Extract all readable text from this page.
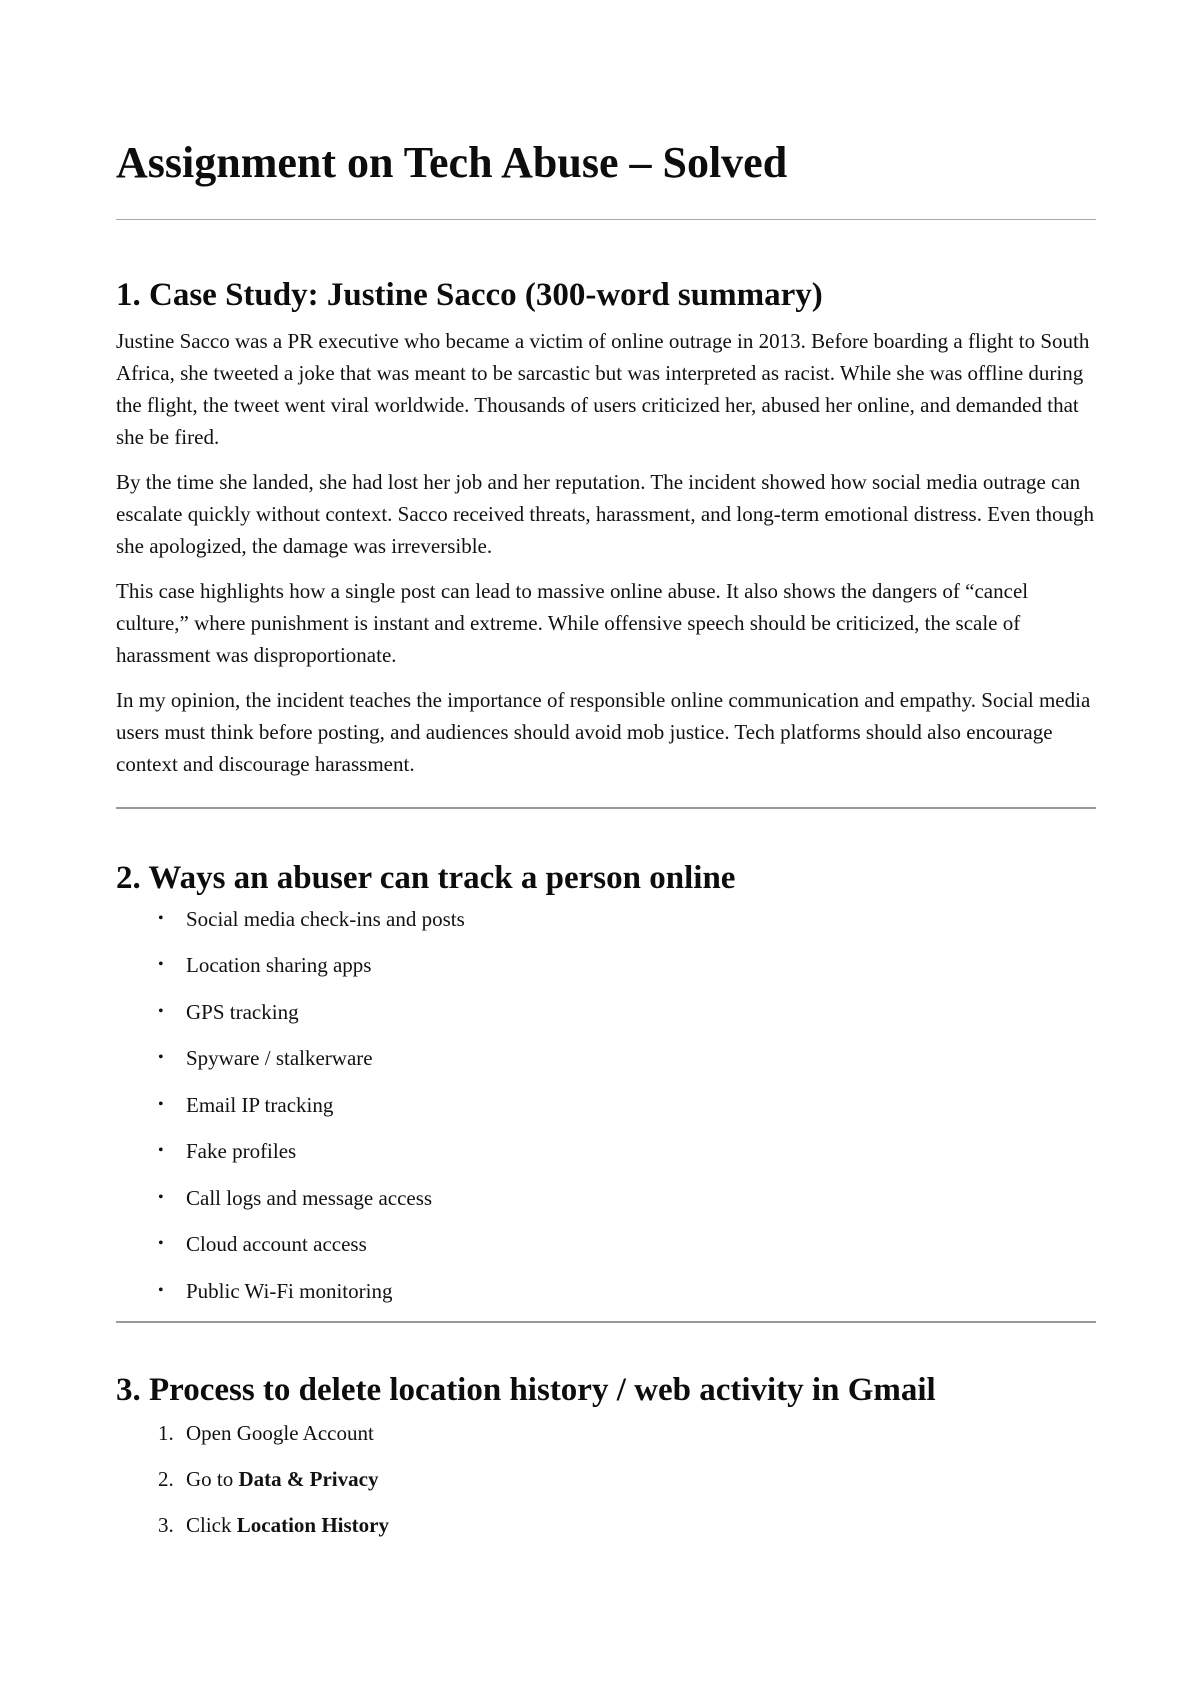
Assignment on Tech Abuse – Solved
1. Case Study: Justine Sacco (300-word summary)

Justine Sacco was a PR executive who became a victim of online outrage in 2013. Before boarding a flight to South Africa, she tweeted a joke that was meant to be sarcastic but was interpreted as racist. While she was offline during the flight, the tweet went viral worldwide. Thousands of users criticized her, abused her online, and demanded that she be fired.

By the time she landed, she had lost her job and her reputation. The incident showed how social media outrage can escalate quickly without context. Sacco received threats, harassment, and long-term emotional distress. Even though she apologized, the damage was irreversible.

This case highlights how a single post can lead to massive online abuse. It also shows the dangers of “cancel culture,” where punishment is instant and extreme. While offensive speech should be criticized, the scale of harassment was disproportionate.

In my opinion, the incident teaches the importance of responsible online communication and empathy. Social media users must think before posting, and audiences should avoid mob justice. Tech platforms should also encourage context and discourage harassment.

2. Ways an abuser can track a person online
• Social media check-ins and posts
• Location sharing apps
• GPS tracking
• Spyware / stalkerware
• Email IP tracking
• Fake profiles
• Call logs and message access
• Cloud account access
• Public Wi-Fi monitoring
3. Process to delete location history / web activity in Gmail
1. Open Google Account
2. Go to Data & Privacy
3. Click Location History
